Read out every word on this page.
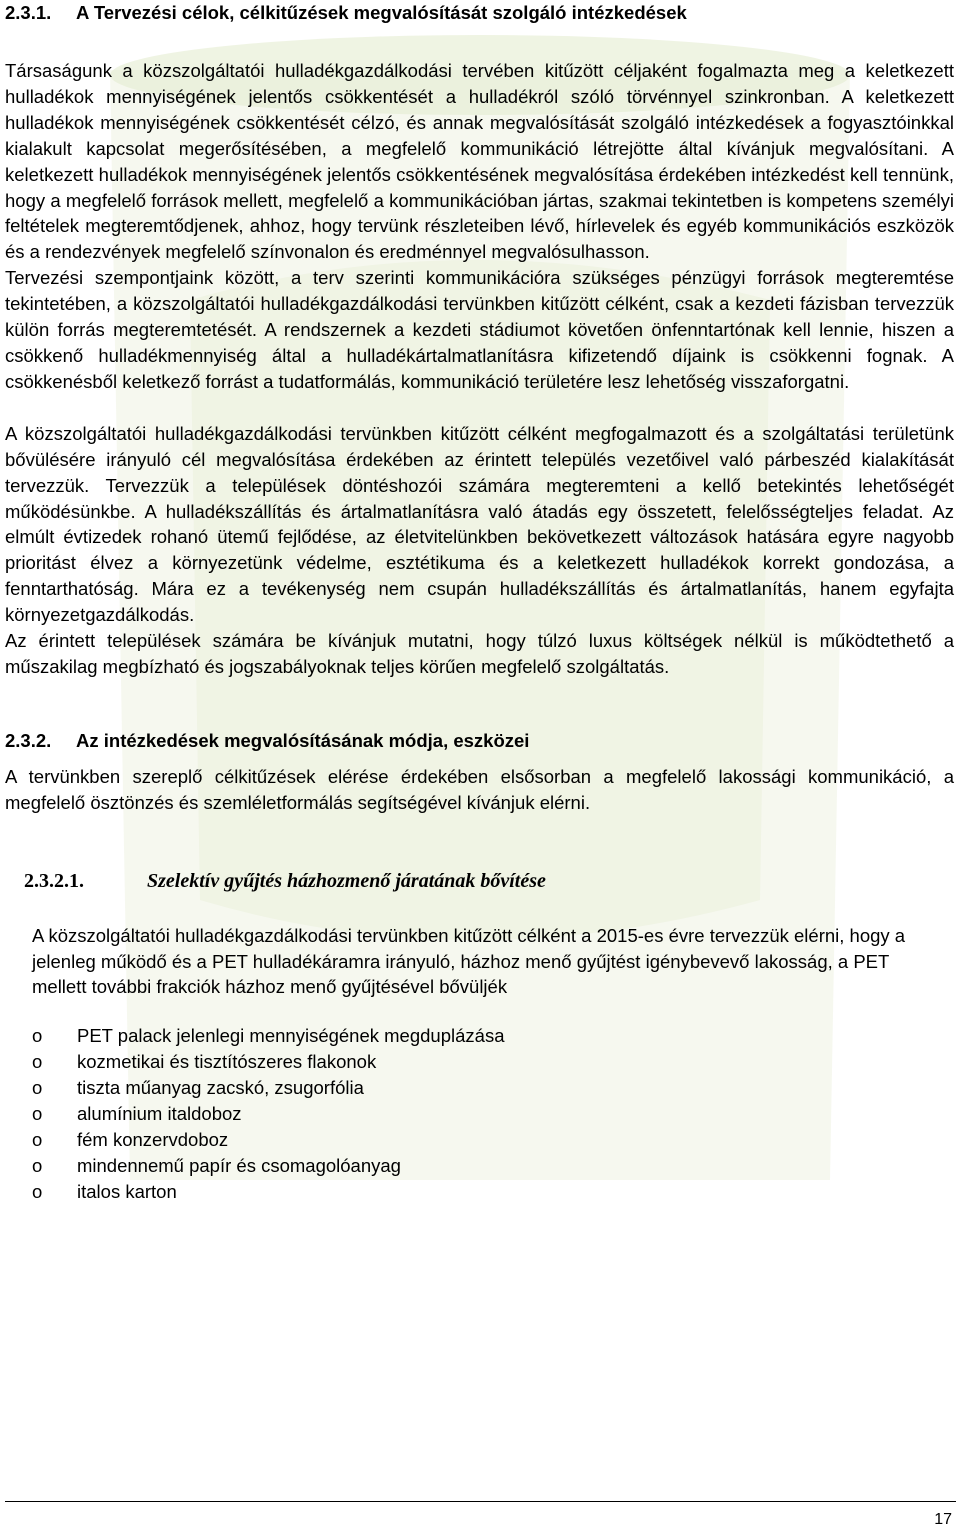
2.3.1. A Tervezési célok, célkitűzések megvalósítását szolgáló intézkedések

Társaságunk a közszolgáltatói hulladékgazdálkodási tervében kitűzött céljaként fogalmazta meg a keletkezett hulladékok mennyiségének jelentős csökkentését a hulladékról szóló törvénnyel szinkronban. A keletkezett hulladékok mennyiségének csökkentését célzó, és annak megvalósítását szolgáló intézkedések a fogyasztóinkkal kialakult kapcsolat megerősítésében, a megfelelő kommunikáció létrejötte által kívánjuk megvalósítani. A keletkezett hulladékok mennyiségének jelentős csökkentésének megvalósítása érdekében intézkedést kell tennünk, hogy a megfelelő források mellett, megfelelő a kommunikációban jártas, szakmai tekintetben is kompetens személyi feltételek megteremtődjenek, ahhoz, hogy tervünk részleteiben lévő, hírlevelek és egyéb kommunikációs eszközök és a rendezvények megfelelő színvonalon és eredménnyel megvalósulhasson.

Tervezési szempontjaink között, a terv szerinti kommunikációra szükséges pénzügyi források megteremtése tekintetében, a közszolgáltatói hulladékgazdálkodási tervünkben kitűzött célként, csak a kezdeti fázisban tervezzük külön forrás megteremtetését. A rendszernek a kezdeti stádiumot követően önfenntartónak kell lennie, hiszen a csökkenő hulladékmennyiség által a hulladékártalmatlanításra kifizetendő díjaink is csökkenni fognak. A csökkenésből keletkező forrást a tudatformálás, kommunikáció területére lesz lehetőség visszaforgatni.

A közszolgáltatói hulladékgazdálkodási tervünkben kitűzött célként megfogalmazott és a szolgáltatási területünk bővülésére irányuló cél megvalósítása érdekében az érintett település vezetőivel való párbeszéd kialakítását tervezzük. Tervezzük a települések döntéshozói számára megteremteni a kellő betekintés lehetőségét működésünkbe. A hulladékszállítás és ártalmatlanításra való átadás egy összetett, felelősségteljes feladat. Az elmúlt évtizedek rohanó ütemű fejlődése, az életvitelünkben bekövetkezett változások hatására egyre nagyobb prioritást élvez a környezetünk védelme, esztétikuma és a keletkezett hulladékok korrekt gondozása, a fenntarthatóság. Mára ez a tevékenység nem csupán hulladékszállítás és ártalmatlanítás, hanem egyfajta környezetgazdálkodás.

Az érintett települések számára be kívánjuk mutatni, hogy túlzó luxus költségek nélkül is működtethető a műszakilag megbízható és jogszabályoknak teljes körűen megfelelő szolgáltatás.

2.3.2. Az intézkedések megvalósításának módja, eszközei

A tervünkben szereplő célkitűzések elérése érdekében elsősorban a megfelelő lakossági kommunikáció, a megfelelő ösztönzés és szemléletformálás segítségével kívánjuk elérni.

2.3.2.1.	Szelektív gyűjtés házhozmenő járatának bővítése

A közszolgáltatói hulladékgazdálkodási tervünkben kitűzött célként a 2015-es évre tervezzük elérni, hogy a jelenleg működő és a PET hulladékáramra irányuló, házhoz menő gyűjtést igénybevevő lakosság, a PET mellett további frakciók házhoz menő gyűjtésével bővüljék

o PET palack jelenlegi mennyiségének megduplázása
o kozmetikai és tisztítószeres flakonok
o tiszta műanyag zacskó, zsugorfólia
o alumínium italdoboz
o fém konzervdoboz
o mindennemű papír és csomagolóanyag
o italos karton
17
